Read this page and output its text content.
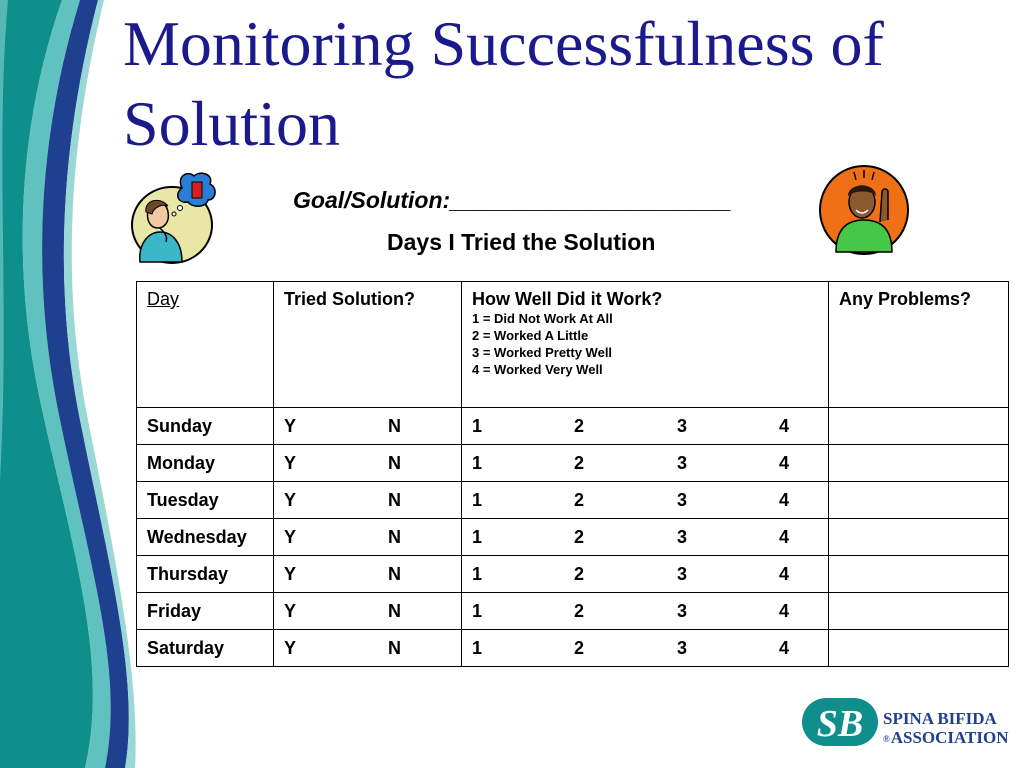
Monitoring Successfulness of Solution
Goal/Solution:______________________
Days I Tried the Solution
Day	Tried Solution?	How Well Did it Work?
1 = Did Not Work At All
2 = Worked A Little
3 = Worked Pretty Well
4 = Worked Very Well	Any Problems?
Sunday	Y N	1 2 3 4	

Monday	Y N	1 2 3 4	

Tuesday	Y N	1 2 3 4	

Wednesday	Y N	1 2 3 4	

Thursday	Y N	1 2 3 4	

Friday	Y N	1 2 3 4	

Saturday	Y N	1 2 3 4	

SB SPINA BIFIDA
®ASSOCIATION
